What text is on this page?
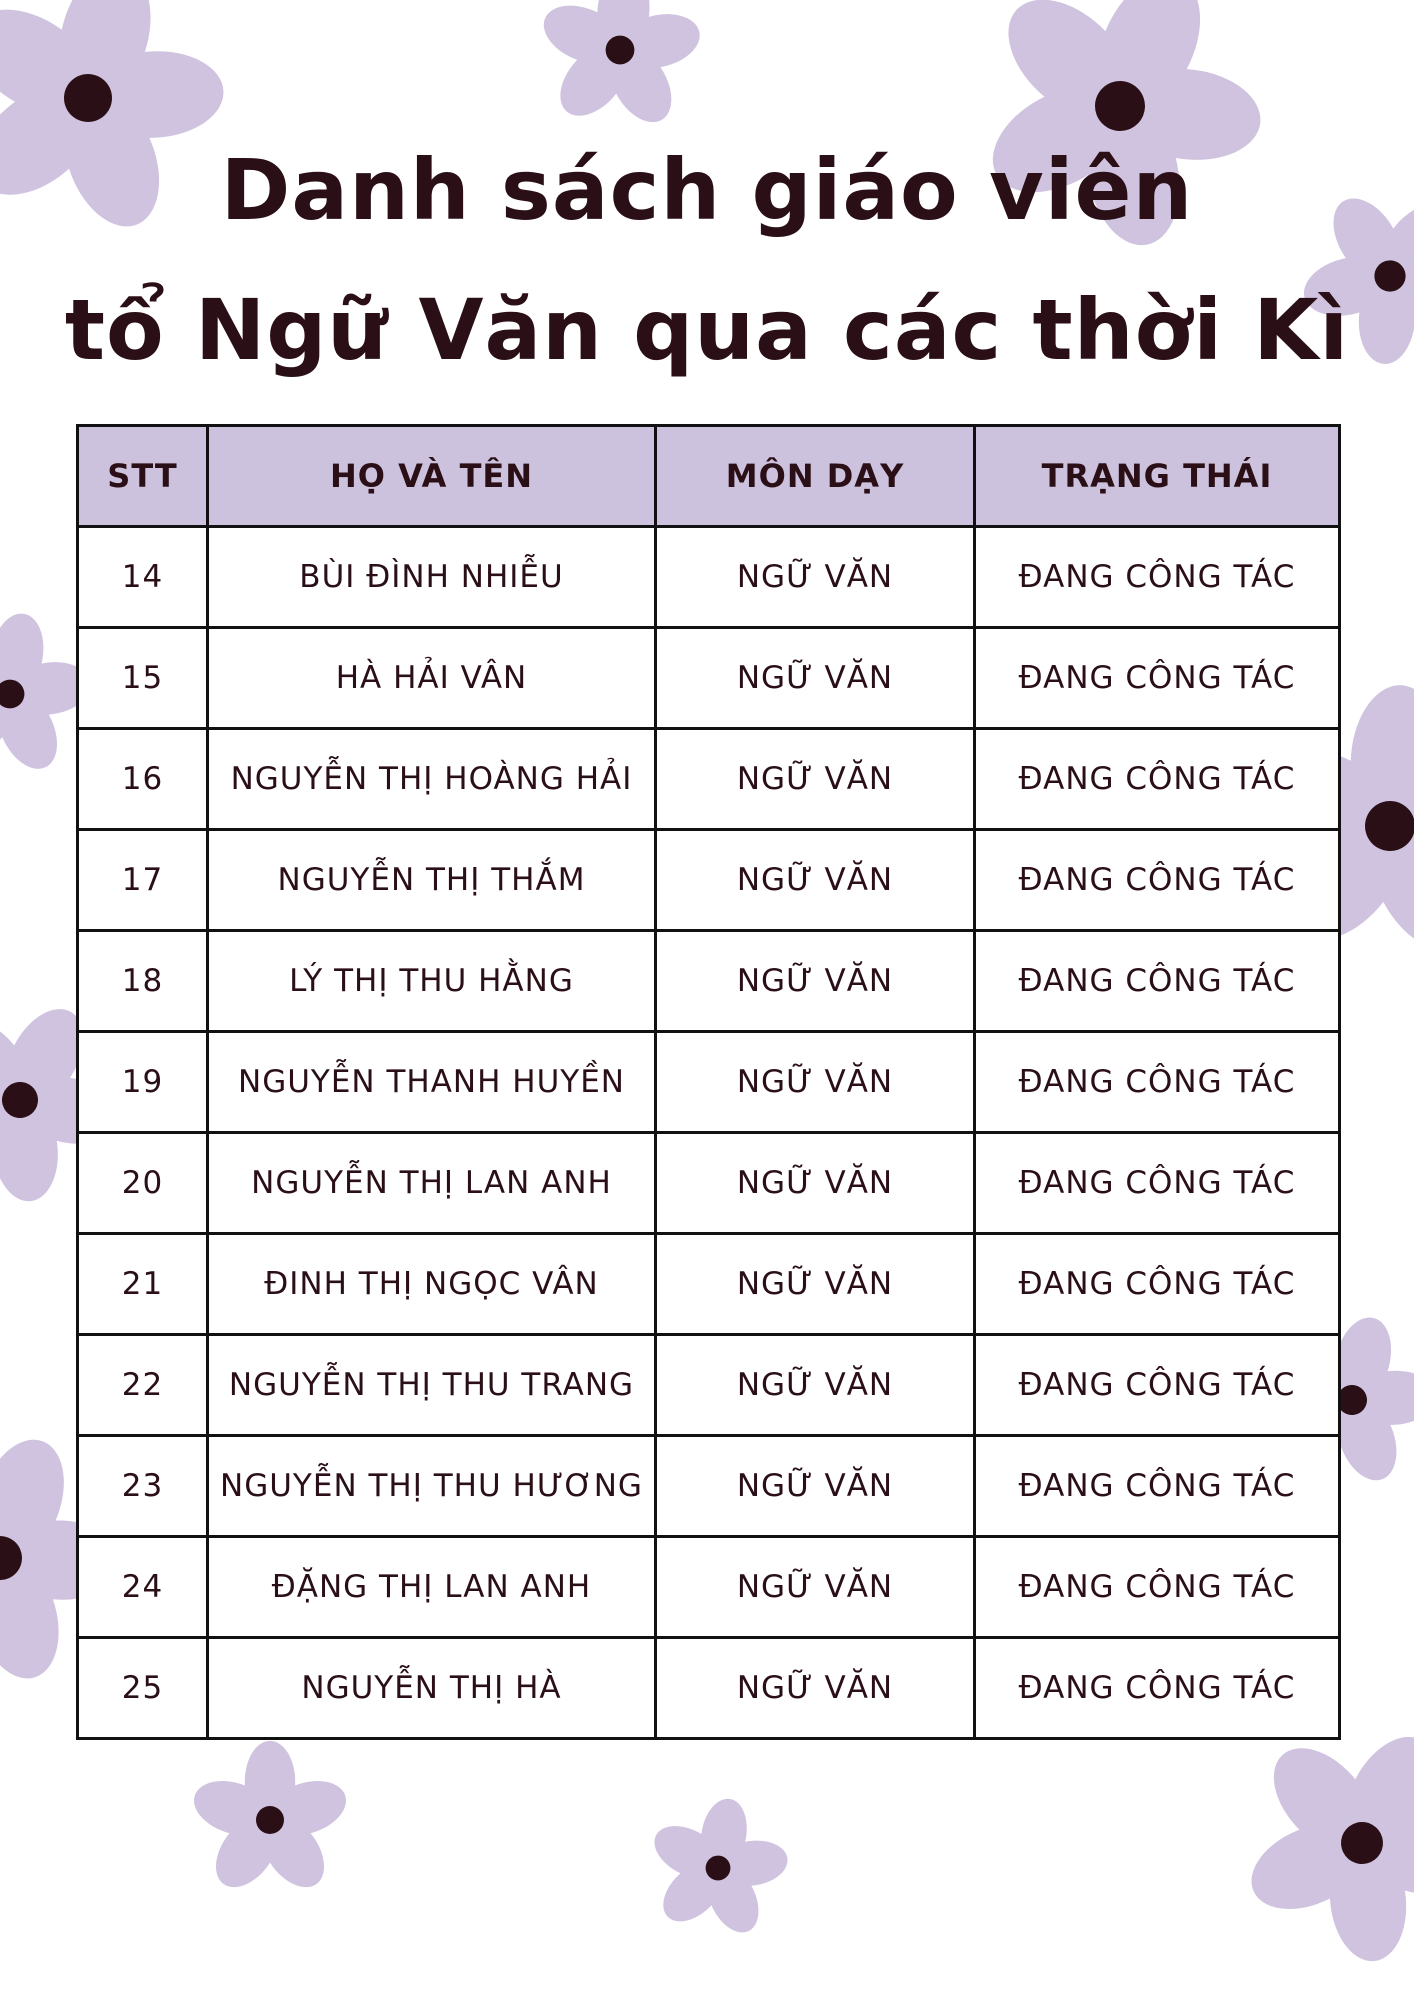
Danh sách giáo viên
tổ Ngữ Văn qua các thời Kì
STT	HỌ VÀ TÊN	MÔN DẠY	TRẠNG THÁI
14	BÙI ĐÌNH NHIỄU	NGỮ VĂN	ĐANG CÔNG TÁC
15	HÀ HẢI VÂN	NGỮ VĂN	ĐANG CÔNG TÁC
16	NGUYỄN THỊ HOÀNG HẢI	NGỮ VĂN	ĐANG CÔNG TÁC
17	NGUYỄN THỊ THẮM	NGỮ VĂN	ĐANG CÔNG TÁC
18	LÝ THỊ THU HẰNG	NGỮ VĂN	ĐANG CÔNG TÁC
19	NGUYỄN THANH HUYỀN	NGỮ VĂN	ĐANG CÔNG TÁC
20	NGUYỄN THỊ LAN ANH	NGỮ VĂN	ĐANG CÔNG TÁC
21	ĐINH THỊ NGỌC VÂN	NGỮ VĂN	ĐANG CÔNG TÁC
22	NGUYỄN THỊ THU TRANG	NGỮ VĂN	ĐANG CÔNG TÁC
23	NGUYỄN THỊ THU HƯƠNG	NGỮ VĂN	ĐANG CÔNG TÁC
24	ĐẶNG THỊ LAN ANH	NGỮ VĂN	ĐANG CÔNG TÁC
25	NGUYỄN THỊ HÀ	NGỮ VĂN	ĐANG CÔNG TÁC
